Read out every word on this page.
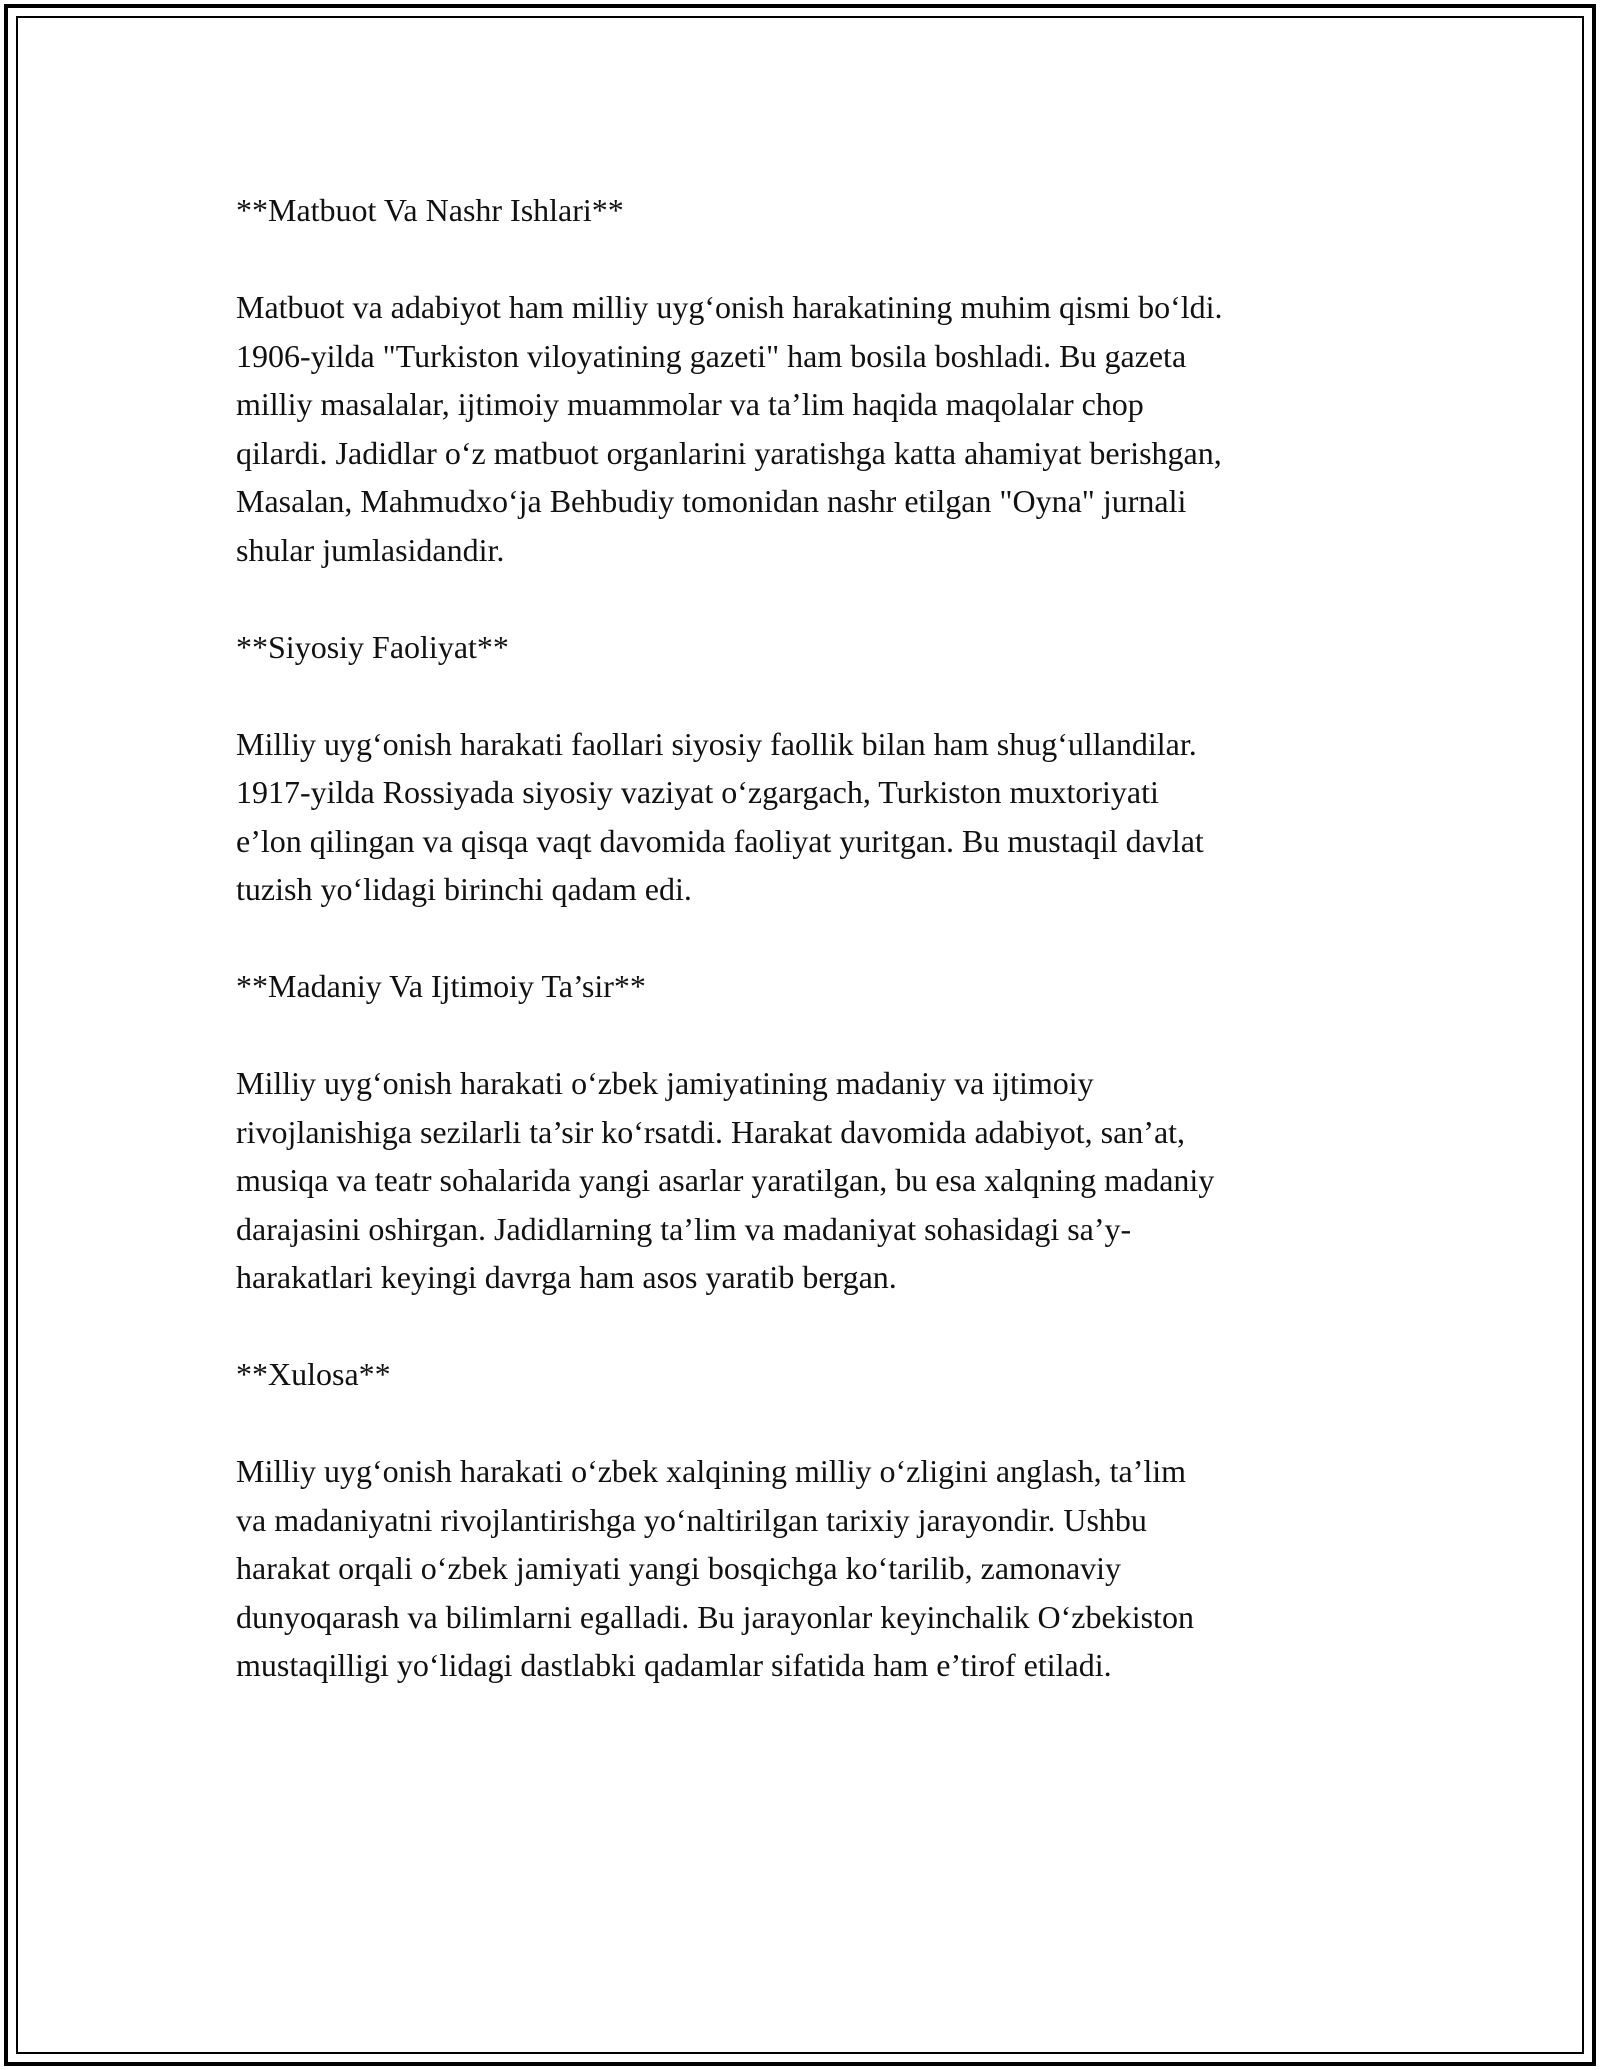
**Matbuot Va Nashr Ishlari**
Matbuot va adabiyot ham milliy uyg‘onish harakatining muhim qismi bo‘ldi.
1906-yilda "Turkiston viloyatining gazeti" ham bosila boshladi. Bu gazeta
milliy masalalar, ijtimoiy muammolar va ta’lim haqida maqolalar chop
qilardi. Jadidlar o‘z matbuot organlarini yaratishga katta ahamiyat berishgan,
Masalan, Mahmudxo‘ja Behbudiy tomonidan nashr etilgan "Oyna" jurnali
shular jumlasidandir.
**Siyosiy Faoliyat**
Milliy uyg‘onish harakati faollari siyosiy faollik bilan ham shug‘ullandilar.
1917-yilda Rossiyada siyosiy vaziyat o‘zgargach, Turkiston muxtoriyati
e’lon qilingan va qisqa vaqt davomida faoliyat yuritgan. Bu mustaqil davlat
tuzish yo‘lidagi birinchi qadam edi.
**Madaniy Va Ijtimoiy Ta’sir**
Milliy uyg‘onish harakati o‘zbek jamiyatining madaniy va ijtimoiy
rivojlanishiga sezilarli ta’sir ko‘rsatdi. Harakat davomida adabiyot, san’at,
musiqa va teatr sohalarida yangi asarlar yaratilgan, bu esa xalqning madaniy
darajasini oshirgan. Jadidlarning ta’lim va madaniyat sohasidagi sa’y-
harakatlari keyingi davrga ham asos yaratib bergan.
**Xulosa**
Milliy uyg‘onish harakati o‘zbek xalqining milliy o‘zligini anglash, ta’lim
va madaniyatni rivojlantirishga yo‘naltirilgan tarixiy jarayondir. Ushbu
harakat orqali o‘zbek jamiyati yangi bosqichga ko‘tarilib, zamonaviy
dunyoqarash va bilimlarni egalladi. Bu jarayonlar keyinchalik O‘zbekiston
mustaqilligi yo‘lidagi dastlabki qadamlar sifatida ham e’tirof etiladi.
